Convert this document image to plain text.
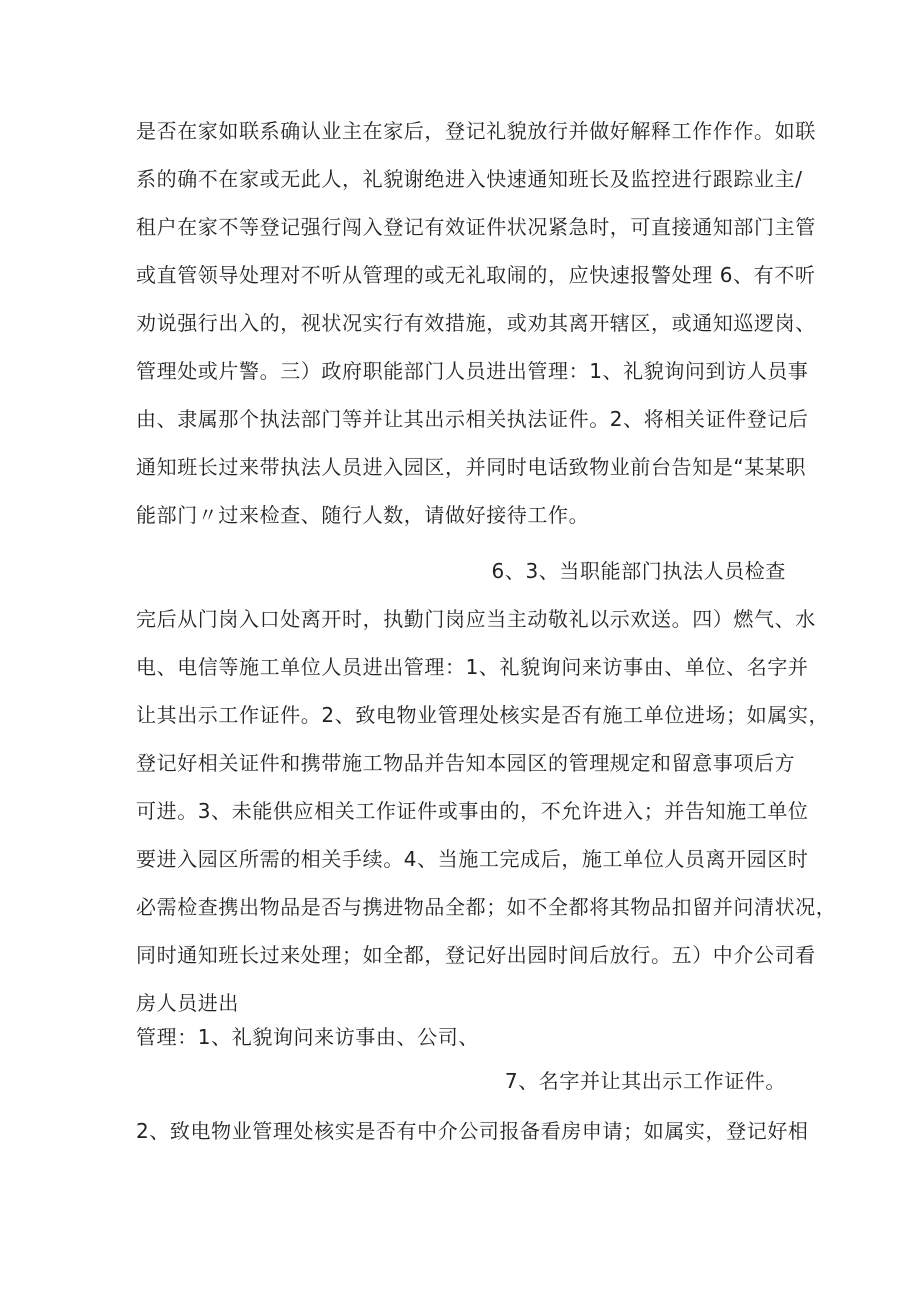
是否在家如联系确认业主在家后，登记礼貌放行并做好解释工作作作。如联
系的确不在家或无此人，礼貌谢绝进入快速通知班长及监控进行跟踪业主/
租户在家不等登记强行闯入登记有效证件状况紧急时，可直接通知部门主管
或直管领导处理对不听从管理的或无礼取闹的，应快速报警处理 6、有不听
劝说强行出入的，视状况实行有效措施，或劝其离开辖区，或通知巡逻岗、
管理处或片警。三）政府职能部门人员进出管理：1、礼貌询问到访人员事
由、隶属那个执法部门等并让其出示相关执法证件。2、将相关证件登记后
通知班长过来带执法人员进入园区，并同时电话致物业前台告知是“某某职
能部门〃过来检查、随行人数，请做好接待工作。
6、3、当职能部门执法人员检查
完后从门岗入口处离开时，执勤门岗应当主动敬礼以示欢送。四）燃气、水
电、电信等施工单位人员进出管理：1、礼貌询问来访事由、单位、名字并
让其出示工作证件。2、致电物业管理处核实是否有施工单位进场；如属实，
登记好相关证件和携带施工物品并告知本园区的管理规定和留意事项后方
可进。3、未能供应相关工作证件或事由的，不允许进入；并告知施工单位
要进入园区所需的相关手续。4、当施工完成后，施工单位人员离开园区时
必需检查携出物品是否与携进物品全都；如不全都将其物品扣留并问清状况，
同时通知班长过来处理；如全都，登记好出园时间后放行。五）中介公司看
房人员进出
管理：1、礼貌询问来访事由、公司、
7、名字并让其出示工作证件。
2、致电物业管理处核实是否有中介公司报备看房申请；如属实，登记好相
